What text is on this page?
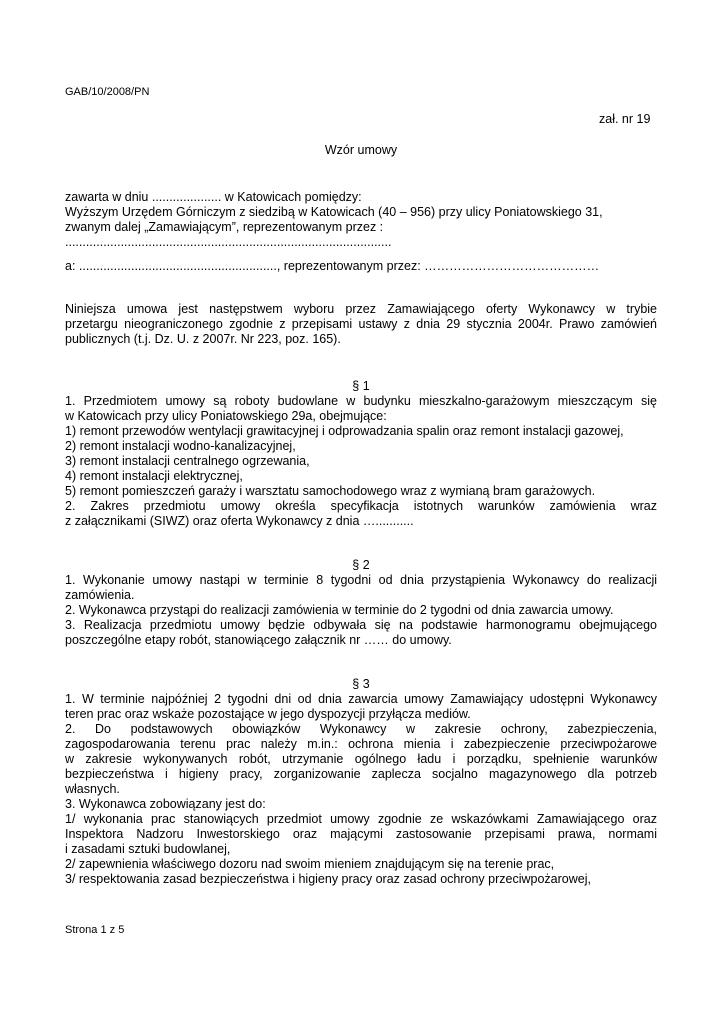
GAB/10/2008/PN
zał. nr 19
Wzór umowy
zawarta w dniu .................... w Katowicach pomiędzy:
Wyższym Urzędem Górniczym z siedzibą w Katowicach (40 – 956) przy ulicy Poniatowskiego 31,
zwanym dalej „Zamawiającym”, reprezentowanym przez :
..............................................................................................
a: ........................................................., reprezentowanym przez: ……………………………………
Niniejsza umowa jest następstwem wyboru przez Zamawiającego oferty Wykonawcy w trybie
przetargu nieograniczonego zgodnie z przepisami ustawy z dnia 29 stycznia 2004r. Prawo zamówień
publicznych (t.j. Dz. U. z 2007r. Nr 223, poz. 165).
§ 1
1. Przedmiotem umowy są roboty budowlane w budynku mieszkalno-garażowym mieszczącym się
w Katowicach przy ulicy Poniatowskiego 29a, obejmujące:
1) remont przewodów wentylacji grawitacyjnej i odprowadzania spalin oraz remont instalacji gazowej,
2) remont instalacji wodno-kanalizacyjnej,
3) remont instalacji centralnego ogrzewania,
4) remont instalacji elektrycznej,
5) remont pomieszczeń garaży i warsztatu samochodowego wraz z wymianą bram garażowych.
2. Zakres przedmiotu umowy określa specyfikacja istotnych warunków zamówienia wraz
z załącznikami (SIWZ) oraz oferta Wykonawcy z dnia …...........
§ 2
1. Wykonanie umowy nastąpi w terminie 8 tygodni od dnia przystąpienia Wykonawcy do realizacji
zamówienia.
2. Wykonawca przystąpi do realizacji zamówienia w terminie do 2 tygodni od dnia zawarcia umowy.
3. Realizacja przedmiotu umowy będzie odbywała się na podstawie harmonogramu obejmującego
poszczególne etapy robót, stanowiącego załącznik nr …… do umowy.
§ 3
1. W terminie najpóźniej 2 tygodni dni od dnia zawarcia umowy Zamawiający udostępni Wykonawcy
teren prac oraz wskaże pozostające w jego dyspozycji przyłącza mediów.
2. Do podstawowych obowiązków Wykonawcy w zakresie ochrony, zabezpieczenia,
zagospodarowania terenu prac należy m.in.: ochrona mienia i zabezpieczenie przeciwpożarowe
w zakresie wykonywanych robót, utrzymanie ogólnego ładu i porządku, spełnienie warunków
bezpieczeństwa i higieny pracy, zorganizowanie zaplecza socjalno magazynowego dla potrzeb
własnych.
3. Wykonawca zobowiązany jest do:
1/ wykonania prac stanowiących przedmiot umowy zgodnie ze wskazówkami Zamawiającego oraz
Inspektora Nadzoru Inwestorskiego oraz mającymi zastosowanie przepisami prawa, normami
i zasadami sztuki budowlanej,
2/ zapewnienia właściwego dozoru nad swoim mieniem znajdującym się na terenie prac,
3/ respektowania zasad bezpieczeństwa i higieny pracy oraz zasad ochrony przeciwpożarowej,
Strona 1 z 5
